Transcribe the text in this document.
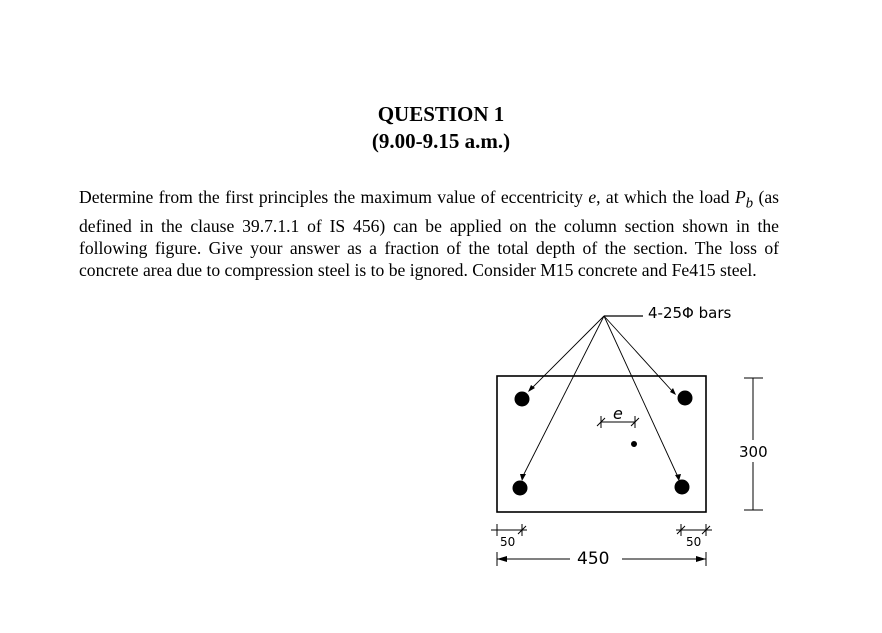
QUESTION 1
(9.00-9.15 a.m.)

Determine from the first principles the maximum value of eccentricity e, at which the load $P_b$ (as defined in the clause 39.7.1.1 of IS 456) can be applied on the column section shown in the following figure. Give your answer as a fraction of the total depth of the section. The loss of concrete area due to compression steel is to be ignored. Consider M15 concrete and Fe415 steel.

4-25Φ bars
e
300
50	50
450
